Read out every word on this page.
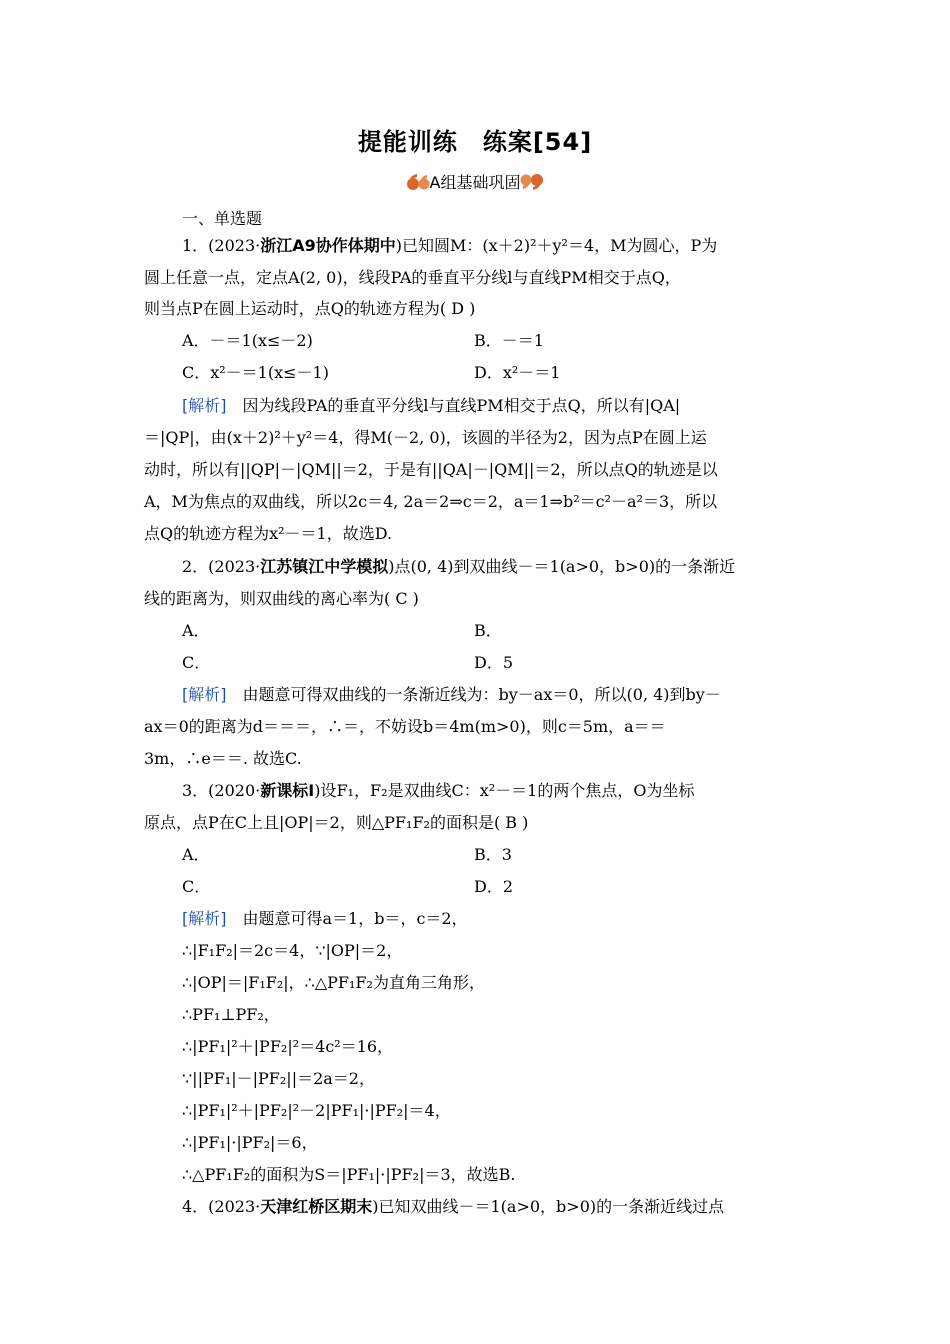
提能训练　练案[54]
A组基础巩固
一、单选题
1．(2023·浙江A9协作体期中)已知圆M：(x＋2)²＋y²＝4，M为圆心，P为
圆上任意一点，定点A(2, 0)，线段PA的垂直平分线l与直线PM相交于点Q，
则当点P在圆上运动时，点Q的轨迹方程为( D )
A．－＝1(x≤－2)	B．－＝1
C．x²－＝1(x≤－1)	D．x²－＝1
[解析]　因为线段PA的垂直平分线l与直线PM相交于点Q，所以有|QA|
＝|QP|，由(x＋2)²＋y²＝4，得M(－2, 0)，该圆的半径为2，因为点P在圆上运
动时，所以有||QP|－|QM||＝2，于是有||QA|－|QM||＝2，所以点Q的轨迹是以
A，M为焦点的双曲线，所以2c＝4, 2a＝2⇒c＝2，a＝1⇒b²＝c²－a²＝3，所以
点Q的轨迹方程为x²－＝1，故选D.
2．(2023·江苏镇江中学模拟)点(0, 4)到双曲线－＝1(a>0，b>0)的一条渐近
线的距离为，则双曲线的离心率为( C )
A．	B．
C．	D．5
[解析]　由题意可得双曲线的一条渐近线为：by－ax＝0，所以(0, 4)到by－
ax＝0的距离为d＝＝＝，∴＝，不妨设b＝4m(m>0)，则c＝5m，a＝＝
3m，∴e＝＝. 故选C.
3．(2020·新课标Ⅰ)设F₁，F₂是双曲线C：x²－＝1的两个焦点，O为坐标
原点，点P在C上且|OP|＝2，则△PF₁F₂的面积是( B )
A．	B．3
C．	D．2
[解析]　由题意可得a＝1，b＝，c＝2，
∴|F₁F₂|＝2c＝4，∵|OP|＝2，
∴|OP|＝|F₁F₂|，∴△PF₁F₂为直角三角形，
∴PF₁⊥PF₂，
∴|PF₁|²＋|PF₂|²＝4c²＝16，
∵||PF₁|－|PF₂||＝2a＝2，
∴|PF₁|²＋|PF₂|²－2|PF₁|·|PF₂|＝4，
∴|PF₁|·|PF₂|＝6，
∴△PF₁F₂的面积为S＝|PF₁|·|PF₂|＝3，故选B.
4．(2023·天津红桥区期末)已知双曲线－＝1(a>0，b>0)的一条渐近线过点
